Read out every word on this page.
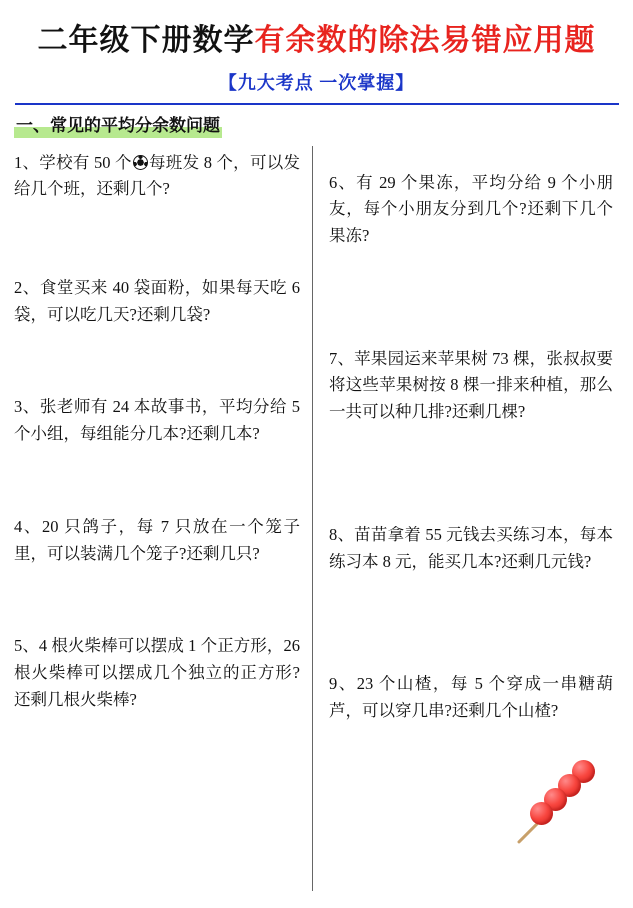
二年级下册数学有余数的除法易错应用题
【九大考点 一次掌握】
一、常见的平均分余数问题
1、学校有 50 个 每班发 8 个，可以发给几个班，还剩几个?
2、食堂买来 40 袋面粉，如果每天吃 6 袋，可以吃几天?还剩几袋?
3、张老师有 24 本故事书，平均分给 5 个小组，每组能分几本?还剩几本?
4、20 只鸽子，每 7 只放在一个笼子里，可以装满几个笼子?还剩几只?
5、4 根火柴棒可以摆成 1 个正方形，26 根火柴棒可以摆成几个独立的正方形?还剩几根火柴棒?
6、有 29 个果冻，平均分给 9 个小朋友，每个小朋友分到几个?还剩下几个果冻?
7、苹果园运来苹果树 73 棵，张叔叔要将这些苹果树按 8 棵一排来种植，那么一共可以种几排?还剩几棵?
8、苗苗拿着 55 元钱去买练习本，每本练习本 8 元，能买几本?还剩几元钱?
9、23 个山楂，每 5 个穿成一串糖葫芦，可以穿几串?还剩几个山楂?
